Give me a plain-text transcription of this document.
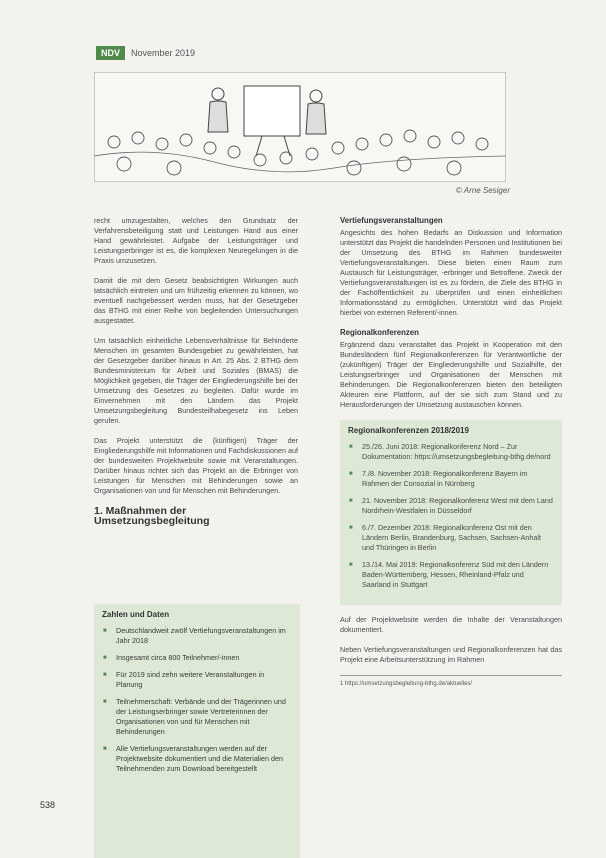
NDV	November 2019
© Arne Sesiger

recht umzugestalten, welches den Grundsatz der Verfahrensbeteiligung statt und Leistungen Hand aus einer Hand gewährleistet. Aufgabe der Leistungsträger und Leistungserbringer ist es, die komplexen Neuregelungen in die Praxis umzusetzen.

Damit die mit dem Gesetz beabsichtigten Wirkungen auch tatsächlich eintreten und um frühzeitig erkennen zu können, wo eventuell nachgebessert werden muss, hat der Gesetzgeber das BTHG mit einer Reihe von begleitenden Untersuchungen ausgestattet.

Um tatsächlich einheitliche Lebensverhältnisse für Behinderte Menschen im gesamten Bundesgebiet zu gewährleisten, hat der Gesetzgeber darüber hinaus in Art. 25 Abs. 2 BTHG dem Bundesministerium für Arbeit und Soziales (BMAS) die Möglichkeit gegeben, die Träger der Eingliederungshilfe bei der Umsetzung des Gesetzes zu begleiten. Dafür wurde im Einvernehmen mit den Ländern das Projekt Umsetzungsbegleitung Bundesteilhabegesetz ins Leben gerufen.

Das Projekt unterstützt die (künftigen) Träger der Eingliederungshilfe mit Informationen und Fachdiskussionen auf der bundesweiten Projektwebsite sowie mit Veranstaltungen. Darüber hinaus richtet sich das Projekt an die Erbringer von Leistungen für Menschen mit Behinderungen sowie an Organisationen von und für Menschen mit Behinderungen.

1. Maßnahmen der Umsetzungsbegleitung
Zahlen und Daten
■ Deutschlandweit zwölf Vertiefungsveranstaltungen im Jahr 2018
■ Insgesamt circa 800 Teilnehmer/-innen
■ Für 2019 sind zehn weitere Veranstaltungen in Planung
■ Teilnehmerschaft: Verbände und der Trägerinnen und der Leistungserbringer sowie Vertreterinnen der Organisationen von und für Menschen mit Behinderungen
■ Alle Vertiefungsveranstaltungen werden auf der Projektwebsite dokumentiert und die Materialien den Teilnehmenden zum Download bereitgestellt
Vertiefungsveranstaltungen

Angesichts des hohen Bedarfs an Diskussion und Information unterstützt das Projekt die handelnden Personen und Institutionen bei der Umsetzung des BTHG im Rahmen bundesweiter Vertiefungsveranstaltungen. Diese bieten einen Raum zum Austausch für Leistungsträger, -erbringer und Betroffene. Zweck der Vertiefungsveranstaltungen ist es zu fördern, die Ziele des BTHG in der Fachöffentlichkeit zu überprüfen und einen einheitlichen Informationsstand zu ermöglichen. Unterstützt wird das Projekt hierbei von externen Referent/-innen.

Regionalkonferenzen

Ergänzend dazu veranstaltet das Projekt in Kooperation mit den Bundesländern fünf Regionalkonferenzen für Verantwortliche der (zukünftigen) Träger der Eingliederungshilfe und Sozialhilfe, der Leistungserbringer und Organisationen der Menschen mit Behinderungen. Die Regionalkonferenzen bieten den beteiligten Akteuren eine Plattform, auf der sie sich zum Stand und zu Herausforderungen der Umsetzung austauschen können.

Regionalkonferenzen 2018/2019
■ 25./26. Juni 2018: Regionalkonferenz Nord – Zur Dokumentation: https://umsetzungsbegleitung-bthg.de/nord
■ 7./8. November 2018: Regionalkonferenz Bayern im Rahmen der Consozial in Nürnberg
■ 21. November 2018: Regionalkonferenz West mit dem Land Nordrhein-Westfalen in Düsseldorf
■ 6./7. Dezember 2018: Regionalkonferenz Ost mit den Ländern Berlin, Brandenburg, Sachsen, Sachsen-Anhalt und Thüringen in Berlin
■ 13./14. Mai 2019: Regionalkonferenz Süd mit den Ländern Baden-Württemberg, Hessen, Rheinland-Pfalz und Saarland in Stuttgart

Auf der Projektwebsite werden die Inhalte der Veranstaltungen dokumentiert.

Neben Vertiefungsveranstaltungen und Regionalkonferenzen hat das Projekt eine Arbeitsunterstützung im Rahmen

1 https://umsetzungsbegleitung-bthg.de/aktuelles/
538
